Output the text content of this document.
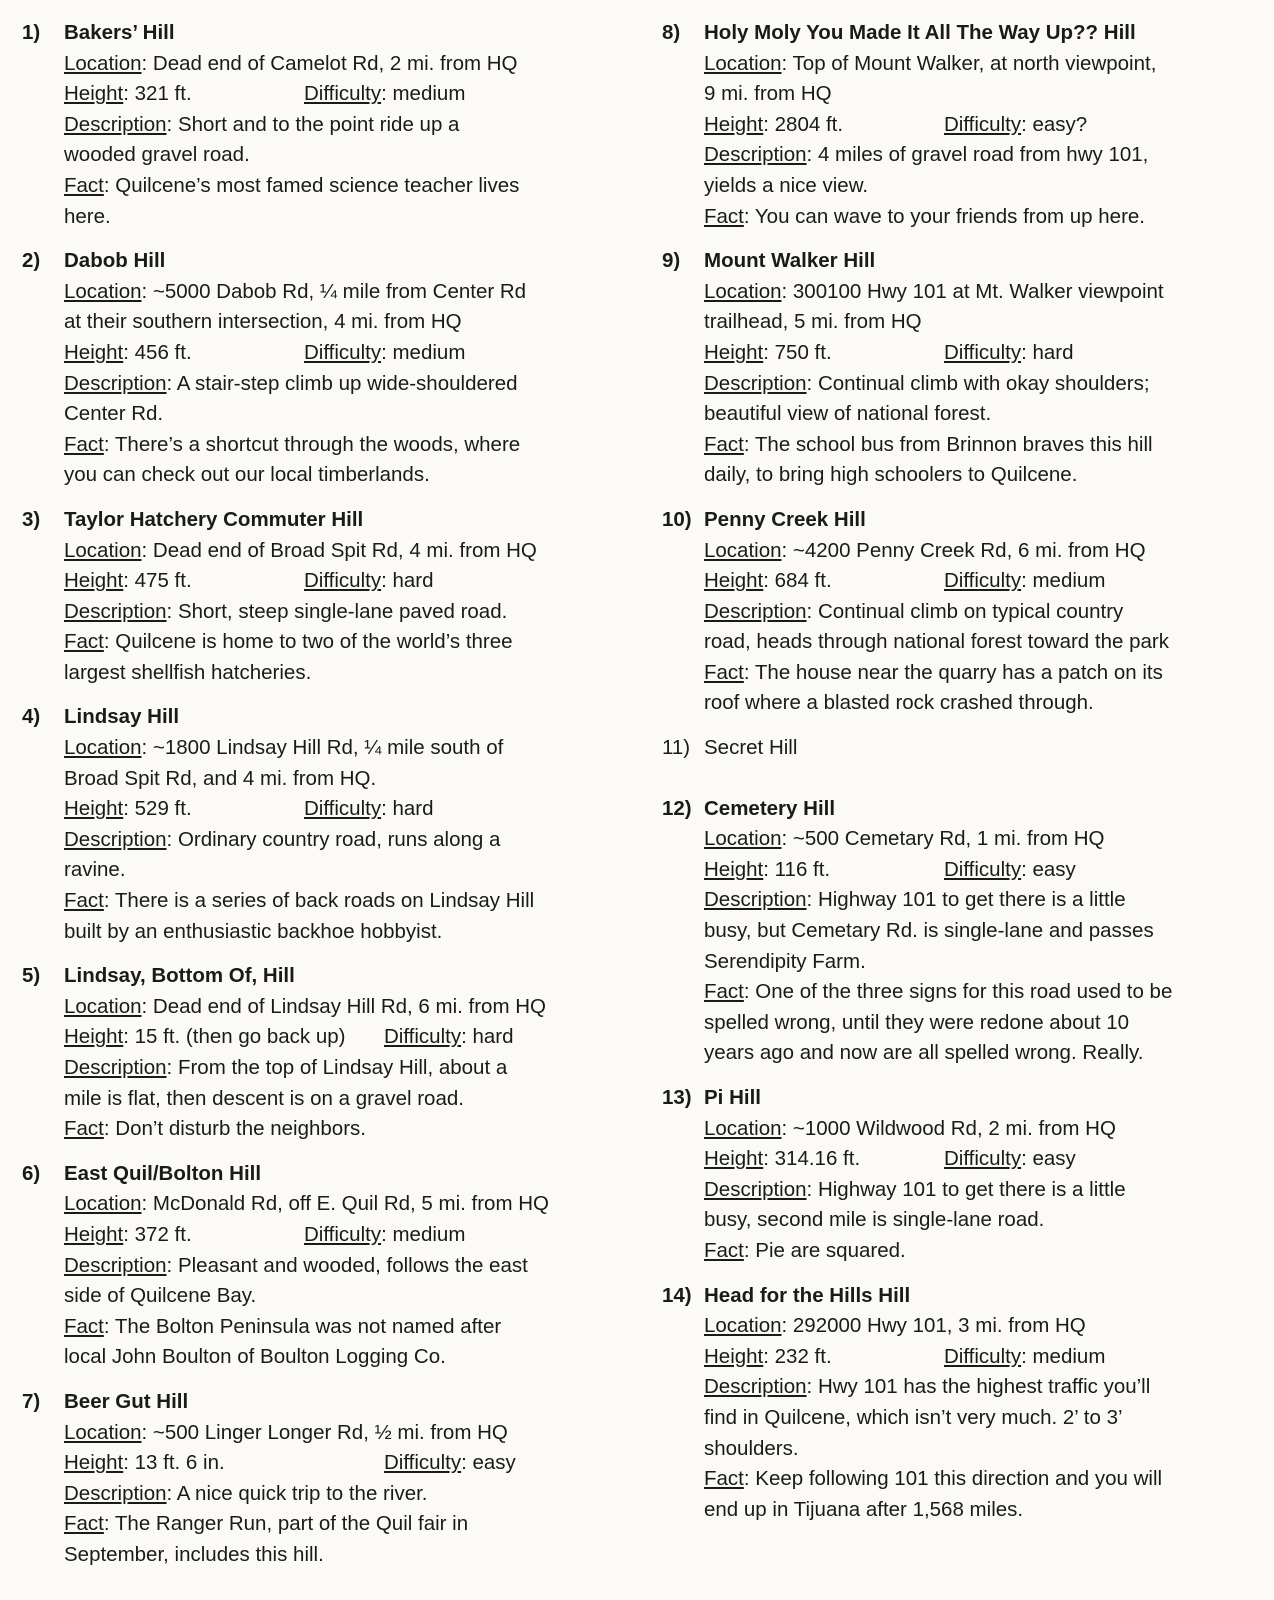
1) Bakers’ Hill
Location: Dead end of Camelot Rd, 2 mi. from HQ
Height: 321 ft.	Difficulty: medium
Description: Short and to the point ride up a
wooded gravel road.
Fact: Quilcene’s most famed science teacher lives
here.
2) Dabob Hill
Location: ~5000 Dabob Rd, ¼ mile from Center Rd
at their southern intersection, 4 mi. from HQ
Height: 456 ft.	Difficulty: medium
Description: A stair-step climb up wide-shouldered
Center Rd.
Fact: There’s a shortcut through the woods, where
you can check out our local timberlands.
3) Taylor Hatchery Commuter Hill
Location: Dead end of Broad Spit Rd, 4 mi. from HQ
Height: 475 ft.	Difficulty: hard
Description: Short, steep single-lane paved road.
Fact: Quilcene is home to two of the world’s three
largest shellfish hatcheries.
4) Lindsay Hill
Location: ~1800 Lindsay Hill Rd, ¼ mile south of
Broad Spit Rd, and 4 mi. from HQ.
Height: 529 ft.	Difficulty: hard
Description: Ordinary country road, runs along a
ravine.
Fact: There is a series of back roads on Lindsay Hill
built by an enthusiastic backhoe hobbyist.
5) Lindsay, Bottom Of, Hill
Location: Dead end of Lindsay Hill Rd, 6 mi. from HQ
Height: 15 ft. (then go back up)	Difficulty: hard
Description: From the top of Lindsay Hill, about a
mile is flat, then descent is on a gravel road.
Fact: Don’t disturb the neighbors.
6) East Quil/Bolton Hill
Location: McDonald Rd, off E. Quil Rd, 5 mi. from HQ
Height: 372 ft.	Difficulty: medium
Description: Pleasant and wooded, follows the east
side of Quilcene Bay.
Fact: The Bolton Peninsula was not named after
local John Boulton of Boulton Logging Co.
7) Beer Gut Hill
Location: ~500 Linger Longer Rd, ½ mi. from HQ
Height: 13 ft. 6 in.	Difficulty: easy
Description: A nice quick trip to the river.
Fact: The Ranger Run, part of the Quil fair in
September, includes this hill.
8) Holy Moly You Made It All The Way Up?? Hill
Location: Top of Mount Walker, at north viewpoint,
9 mi. from HQ
Height: 2804 ft.	Difficulty: easy?
Description: 4 miles of gravel road from hwy 101,
yields a nice view.
Fact: You can wave to your friends from up here.
9) Mount Walker Hill
Location: 300100 Hwy 101 at Mt. Walker viewpoint
trailhead, 5 mi. from HQ
Height: 750 ft.	Difficulty: hard
Description: Continual climb with okay shoulders;
beautiful view of national forest.
Fact: The school bus from Brinnon braves this hill
daily, to bring high schoolers to Quilcene.
10) Penny Creek Hill
Location: ~4200 Penny Creek Rd, 6 mi. from HQ
Height: 684 ft.	Difficulty: medium
Description: Continual climb on typical country
road, heads through national forest toward the park
Fact: The house near the quarry has a patch on its
roof where a blasted rock crashed through.
11) Secret Hill
12) Cemetery Hill
Location: ~500 Cemetary Rd, 1 mi. from HQ
Height: 116 ft.	Difficulty: easy
Description: Highway 101 to get there is a little
busy, but Cemetary Rd. is single-lane and passes
Serendipity Farm.
Fact: One of the three signs for this road used to be
spelled wrong, until they were redone about 10
years ago and now are all spelled wrong. Really.
13) Pi Hill
Location: ~1000 Wildwood Rd, 2 mi. from HQ
Height: 314.16 ft.	Difficulty: easy
Description: Highway 101 to get there is a little
busy, second mile is single-lane road.
Fact: Pie are squared.
14) Head for the Hills Hill
Location: 292000 Hwy 101, 3 mi. from HQ
Height: 232 ft.	Difficulty: medium
Description: Hwy 101 has the highest traffic you’ll
find in Quilcene, which isn’t very much. 2’ to 3’
shoulders.
Fact: Keep following 101 this direction and you will
end up in Tijuana after 1,568 miles.
